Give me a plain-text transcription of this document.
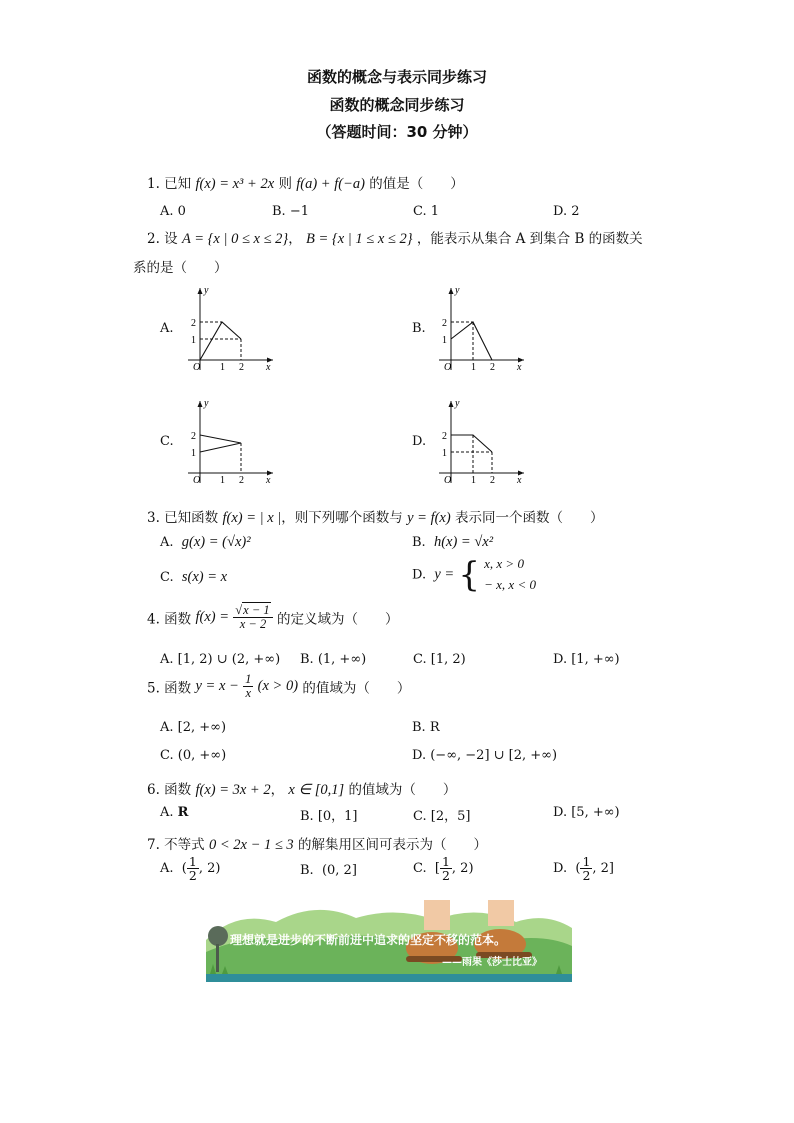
函数的概念与表示同步练习
函数的概念同步练习
（答题时间：30 分钟）
1. 已知 f(x) = x³ + 2x 则 f(a) + f(−a) 的值是（　　）
A. 0	B. −1	C. 1	D. 2
2. 设 A = {x | 0 ≤ x ≤ 2}， B = {x | 1 ≤ x ≤ 2} ，能表示从集合 A 到集合 B 的函数关
系的是（　　）
A.	B.
C.	D.
y
x
O 1 2
1
2
y
x
O 1 2
1
2
y
x
O 1 2
1
2
y
x
O 1 2
1
2
3. 已知函数 f(x) = | x |，则下列哪个函数与 y = f(x) 表示同一个函数（　　）
A. g(x) = (√x)²	B. h(x) = √x²
C. s(x) = x	D. y = { x, x > 0
− x, x < 0
4. 函数 $f(x) = \frac{√x - 1}{x - 2}$ 的定义域为（　　）
A. [1, 2) ∪ (2, +∞) B. (1, +∞)	C. [1, 2)	D. [1, +∞)
5. 函数 $y = x - \frac{1}{x} (x > 0)$ 的值域为（　　）
A. [2, +∞)	B. R
C. (0, +∞)	D. (−∞, −2] ∪ [2, +∞)
6. 函数 f(x) = 3x + 2， x ∈ [0,1] 的值域为（　　）
A. R	B. [0，1]	C. [2，5]	D. [5, +∞)
7. 不等式 0 < 2x − 1 ≤ 3 的解集用区间可表示为（　　）
A. ( $\frac{1}{2}$ , 2)	B. (0, 2]	C. [ $\frac{1}{2}$ , 2)	D. ( $\frac{1}{2}$ , 2]
理想就是进步的不断前进中追求的坚定不移的范本。
——雨果《莎士比亚》
